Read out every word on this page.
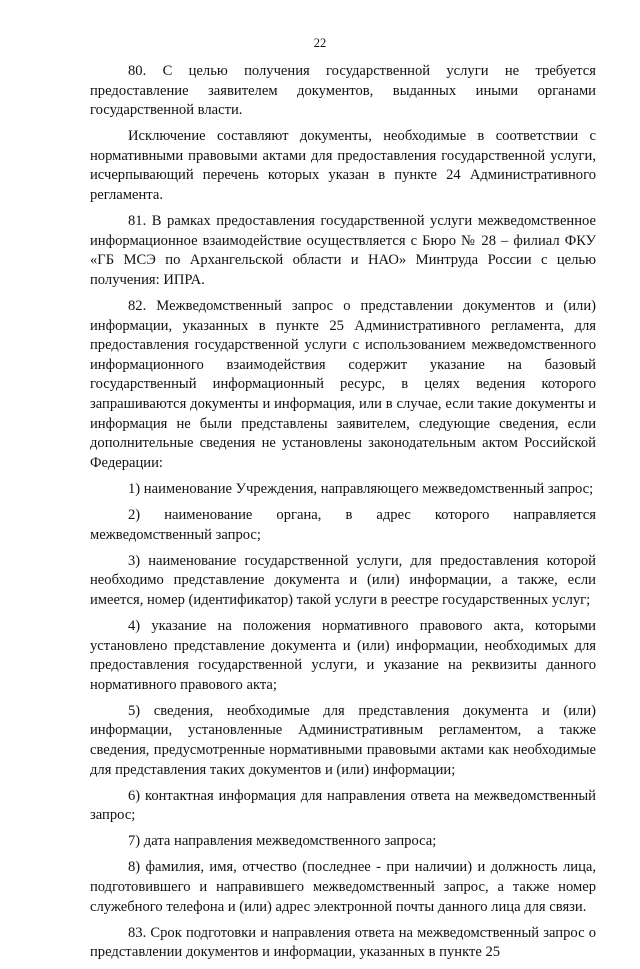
22

80. С целью получения государственной услуги не требуется предоставление заявителем документов, выданных иными органами государственной власти.

Исключение составляют документы, необходимые в соответствии с нормативными правовыми актами для предоставления государственной услуги, исчерпывающий перечень которых указан в пункте 24 Административного регламента.

81. В рамках предоставления государственной услуги межведомственное информационное взаимодействие осуществляется с Бюро № 28 – филиал ФКУ «ГБ МСЭ по Архангельской области и НАО» Минтруда России с целью получения: ИПРА.

82. Межведомственный запрос о представлении документов и (или) информации, указанных в пункте 25 Административного регламента, для предоставления государственной услуги с использованием межведомственного информационного взаимодействия содержит указание на базовый государственный информационный ресурс, в целях ведения которого запрашиваются документы и информация, или в случае, если такие документы и информация не были представлены заявителем, следующие сведения, если дополнительные сведения не установлены законодательным актом Российской Федерации:

1) наименование Учреждения, направляющего межведомственный запрос;

2) наименование органа, в адрес которого направляется межведомственный запрос;

3) наименование государственной услуги, для предоставления которой необходимо представление документа и (или) информации, а также, если имеется, номер (идентификатор) такой услуги в реестре государственных услуг;

4) указание на положения нормативного правового акта, которыми установлено представление документа и (или) информации, необходимых для предоставления государственной услуги, и указание на реквизиты данного нормативного правового акта;

5) сведения, необходимые для представления документа и (или) информации, установленные Административным регламентом, а также сведения, предусмотренные нормативными правовыми актами как необходимые для представления таких документов и (или) информации;

6) контактная информация для направления ответа на межведомственный запрос;

7) дата направления межведомственного запроса;

8) фамилия, имя, отчество (последнее - при наличии) и должность лица, подготовившего и направившего межведомственный запрос, а также номер служебного телефона и (или) адрес электронной почты данного лица для связи.

83. Срок подготовки и направления ответа на межведомственный запрос о представлении документов и информации, указанных в пункте 25
